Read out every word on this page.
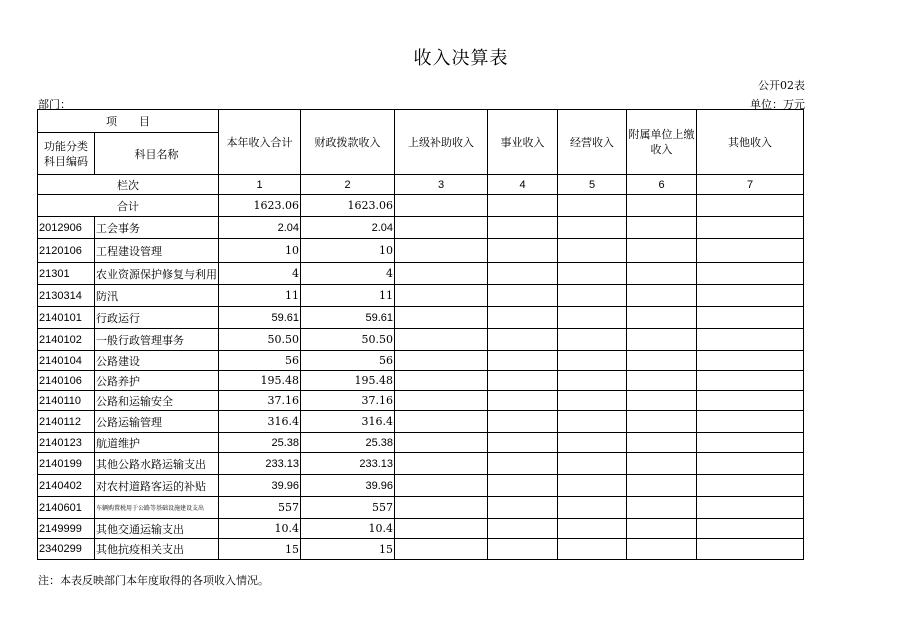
收入决算表
公开02表
部门：	单位：万元
项　　目		本年收入合计	财政拨款收入	上级补助收入	事业收入	经营收入	附属单位上缴收入	其他收入
功能分类
科目编码	科目名称							
栏次		1	2	3	4	5	6	7
合计		1623.06	1623.06					
2012906	工会事务	2.04	2.04					
2120106	工程建设管理	10	10					
21301	农业资源保护修复与利用	4	4					
2130314	防汛	11	11					
2140101	行政运行	59.61	59.61					
2140102	一般行政管理事务	50.50	50.50					
2140104	公路建设	56	56					
2140106	公路养护	195.48	195.48					
2140110	公路和运输安全	37.16	37.16					
2140112	公路运输管理	316.4	316.4					
2140123	航道维护	25.38	25.38					
2140199	其他公路水路运输支出	233.13	233.13					
2140402	对农村道路客运的补贴	39.96	39.96					
2140601	车辆购置税用于公路等基础设施建设支出	557	557					
2149999	其他交通运输支出	10.4	10.4					
2340299	其他抗疫相关支出	15	15					
注：本表反映部门本年度取得的各项收入情况。
